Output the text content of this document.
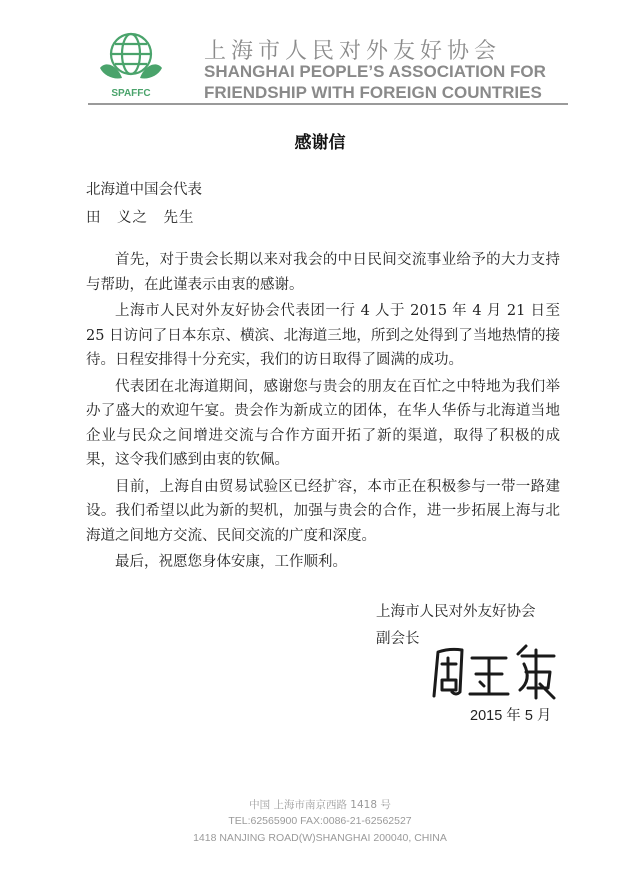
SPAFFC
上海市人民对外友好协会
SHANGHAI PEOPLE’S ASSOCIATION FOR
FRIENDSHIP WITH FOREIGN COUNTRIES
感谢信
北海道中国会代表
田　义之　先生

首先，对于贵会长期以来对我会的中日民间交流事业给予的大力支持与帮助，在此谨表示由衷的感谢。

上海市人民对外友好协会代表团一行 4 人于 2015 年 4 月 21 日至 25 日访问了日本东京、横滨、北海道三地，所到之处得到了当地热情的接待。日程安排得十分充实，我们的访日取得了圆满的成功。

代表团在北海道期间，感谢您与贵会的朋友在百忙之中特地为我们举办了盛大的欢迎午宴。贵会作为新成立的团体，在华人华侨与北海道当地企业与民众之间增进交流与合作方面开拓了新的渠道，取得了积极的成果，这令我们感到由衷的钦佩。

目前，上海自由贸易试验区已经扩容，本市正在积极参与一带一路建设。我们希望以此为新的契机，加强与贵会的合作，进一步拓展上海与北海道之间地方交流、民间交流的广度和深度。

最后，祝愿您身体安康，工作顺利。

上海市人民对外友好协会
副会长
2015 年 5 月
中国 上海市南京西路 1418 号
TEL:62565900 FAX:0086-21-62562527
1418 NANJING ROAD(W)SHANGHAI 200040, CHINA
